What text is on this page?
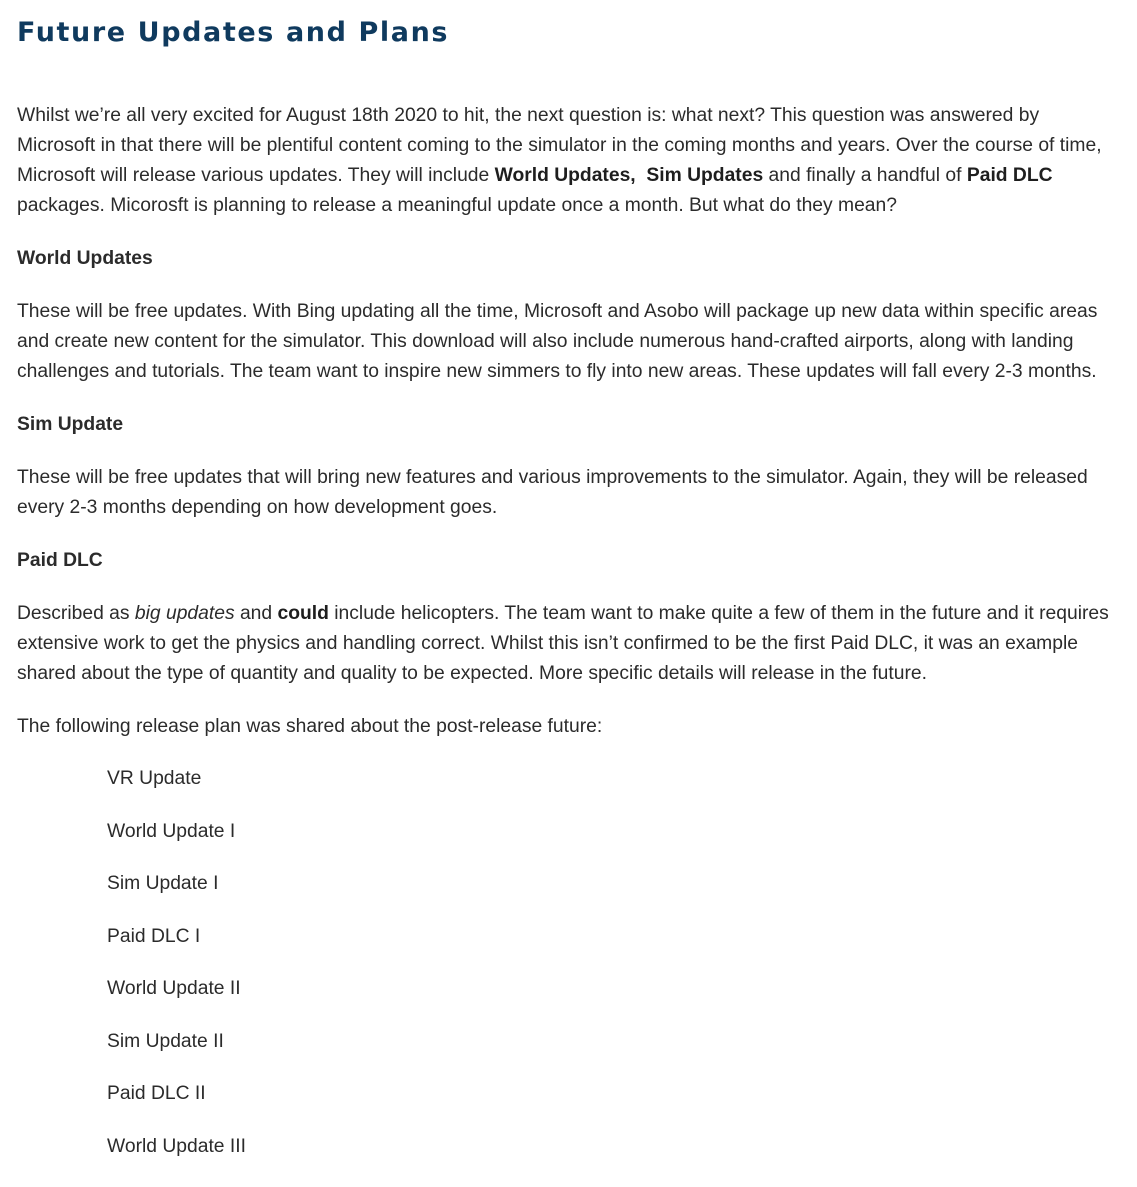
Future Updates and Plans

Whilst we’re all very excited for August 18th 2020 to hit, the next question is: what next? This question was answered by Microsoft in that there will be plentiful content coming to the simulator in the coming months and years. Over the course of time, Microsoft will release various updates. They will include World Updates, Sim Updates and finally a handful of Paid DLC packages. Micorosft is planning to release a meaningful update once a month. But what do they mean?

World Updates

These will be free updates. With Bing updating all the time, Microsoft and Asobo will package up new data within specific areas and create new content for the simulator. This download will also include numerous hand-crafted airports, along with landing challenges and tutorials. The team want to inspire new simmers to fly into new areas. These updates will fall every 2-3 months.

Sim Update

These will be free updates that will bring new features and various improvements to the simulator. Again, they will be released every 2-3 months depending on how development goes.

Paid DLC

Described as big updates and could include helicopters. The team want to make quite a few of them in the future and it requires extensive work to get the physics and handling correct. Whilst this isn’t confirmed to be the first Paid DLC, it was an example shared about the type of quantity and quality to be expected. More specific details will release in the future.

The following release plan was shared about the post-release future:

VR Update
World Update I
Sim Update I
Paid DLC I
World Update II
Sim Update II
Paid DLC II
World Update III
